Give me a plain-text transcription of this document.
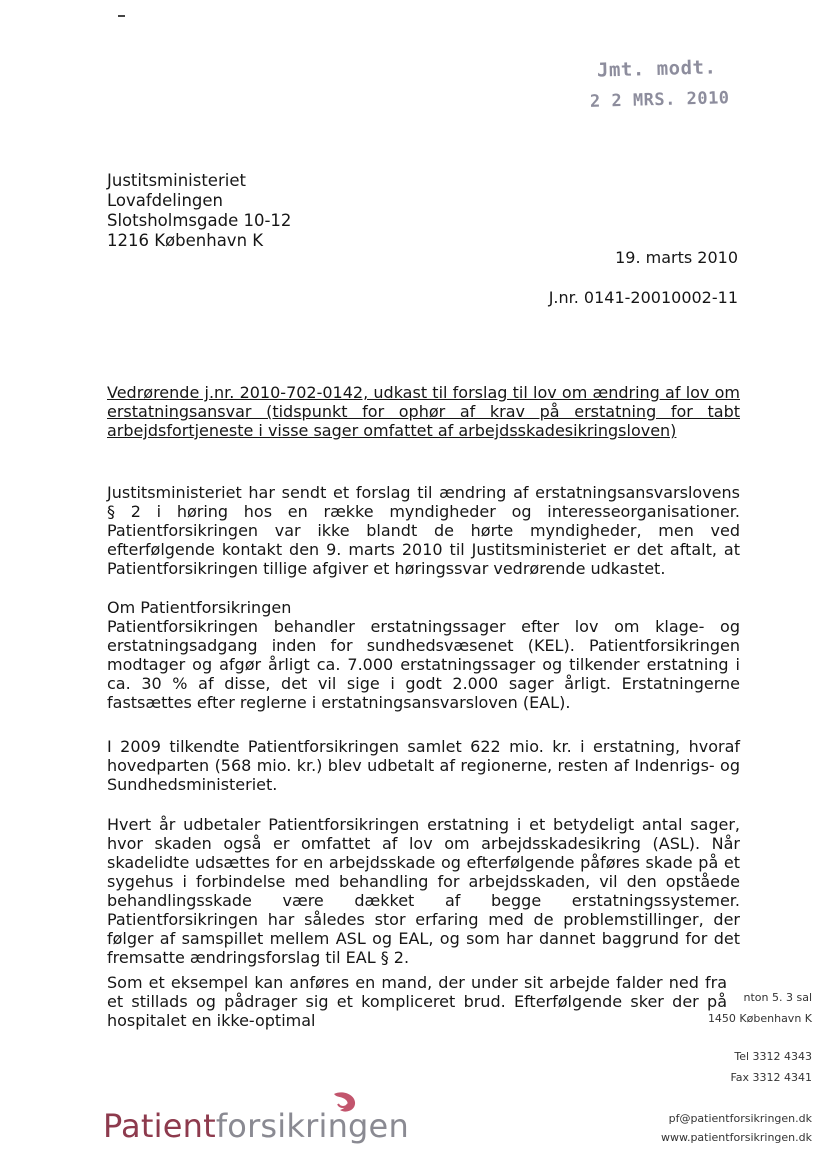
Jmt. modt.
2 2 MRS. 2010
Justitsministeriet
Lovafdelingen
Slotsholmsgade 10-12
1216 København K
19. marts 2010
J.nr. 0141-20010002-11
Vedrørende j.nr. 2010-702-0142, udkast til forslag til lov om ændring af lov om erstatningsansvar (tidspunkt for ophør af krav på erstatning for tabt arbejdsfortjeneste i visse sager omfattet af arbejdsskadesikringsloven)

Justitsministeriet har sendt et forslag til ændring af erstatningsansvarslovens § 2 i høring hos en række myndigheder og interesseorganisationer. Patientforsikringen var ikke blandt de hørte myndigheder, men ved efterfølgende kontakt den 9. marts 2010 til Justitsministeriet er det aftalt, at Patientforsikringen tillige afgiver et høringssvar vedrørende udkastet.

Om Patientforsikringen
Patientforsikringen behandler erstatningssager efter lov om klage- og erstatningsadgang inden for sundhedsvæsenet (KEL). Patientforsikringen modtager og afgør årligt ca. 7.000 erstatningssager og tilkender erstatning i ca. 30 % af disse, det vil sige i godt 2.000 sager årligt. Erstatningerne fastsættes efter reglerne i erstatningsansvarsloven (EAL).

I 2009 tilkendte Patientforsikringen samlet 622 mio. kr. i erstatning, hvoraf hovedparten (568 mio. kr.) blev udbetalt af regionerne, resten af Indenrigs- og Sundhedsministeriet.

Hvert år udbetaler Patientforsikringen erstatning i et betydeligt antal sager, hvor skaden også er omfattet af lov om arbejdsskadesikring (ASL). Når skadelidte udsættes for en arbejdsskade og efterfølgende påføres skade på et sygehus i forbindelse med behandling for arbejdsskaden, vil den opståede behandlingsskade være dækket af begge erstatningssystemer. Patientforsikringen har således stor erfaring med de problemstillinger, der følger af samspillet mellem ASL og EAL, og som har dannet baggrund for det fremsatte ændringsforslag til EAL § 2.

Som et eksempel kan anføres en mand, der under sit arbejde falder ned fra et stillads og pådrager sig et kompliceret brud. Efterfølgende sker der på hospitalet en ikke-optimal

nton 5. 3 sal
1450 København K
Tel 3312 4343
Fax 3312 4341
pf@patientforsikringen.dk
www.patientforsikringen.dk
Patientforsikringen
